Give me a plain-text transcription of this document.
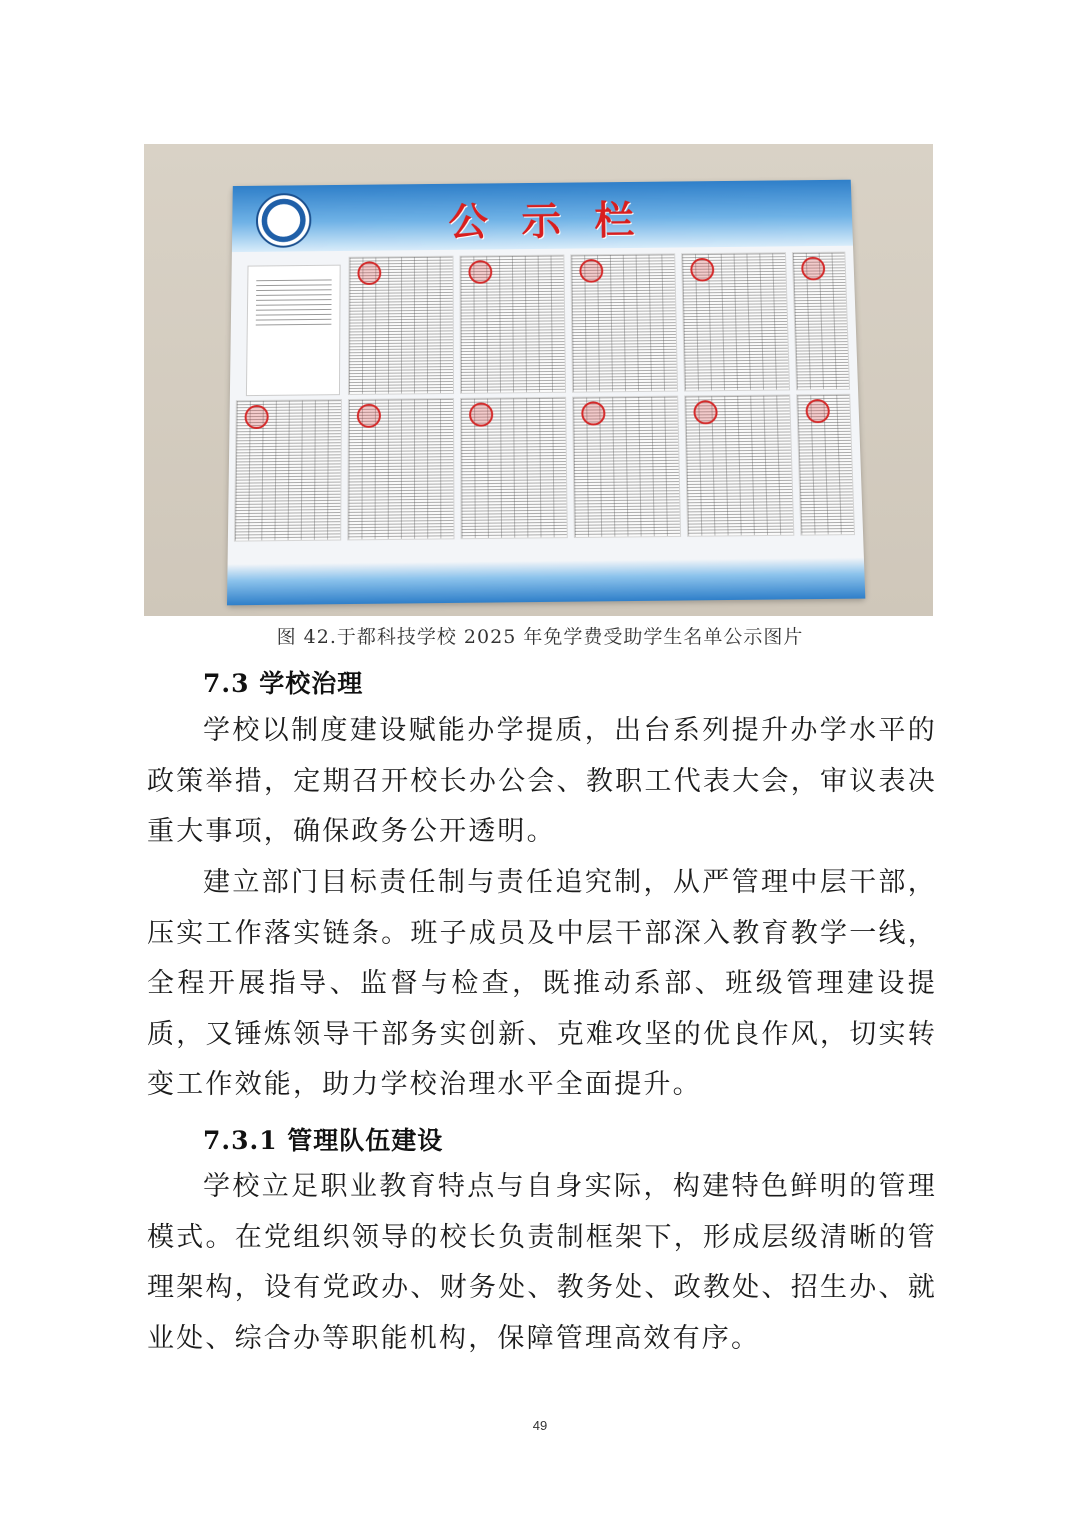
公示栏
图 42.于都科技学校 2025 年免学费受助学生名单公示图片
7.3 学校治理

学校以制度建设赋能办学提质，出台系列提升办学水平的政策举措，定期召开校长办公会、教职工代表大会，审议表决重大事项，确保政务公开透明。

建立部门目标责任制与责任追究制，从严管理中层干部，压实工作落实链条。班子成员及中层干部深入教育教学一线，全程开展指导、监督与检查，既推动系部、班级管理建设提质，又锤炼领导干部务实创新、克难攻坚的优良作风，切实转变工作效能，助力学校治理水平全面提升。

7.3.1 管理队伍建设

学校立足职业教育特点与自身实际，构建特色鲜明的管理模式。在党组织领导的校长负责制框架下，形成层级清晰的管理架构，设有党政办、财务处、教务处、政教处、招生办、就业处、综合办等职能机构，保障管理高效有序。

49
